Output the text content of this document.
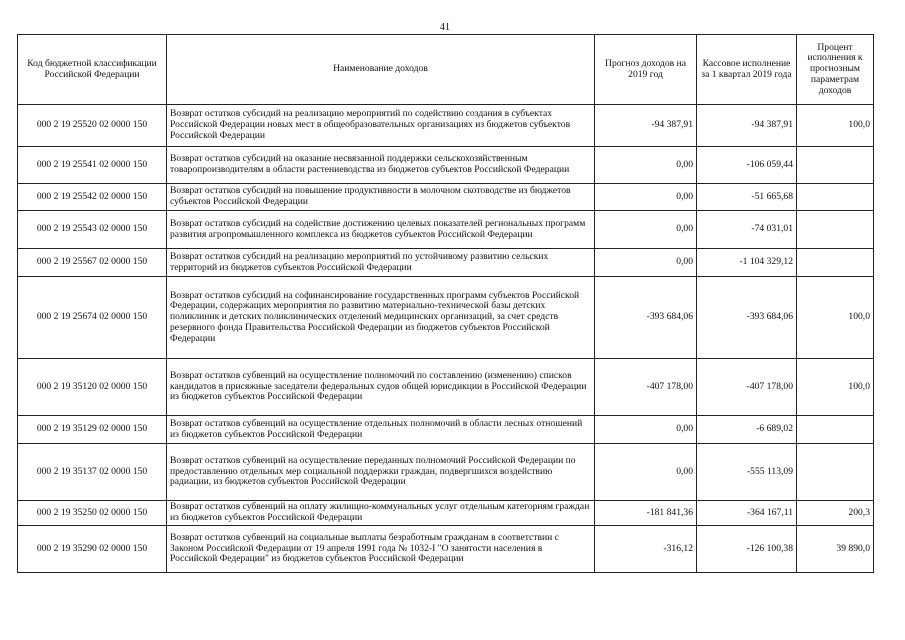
41
Код бюджетной классификации Российской Федерации	Наименование доходов	Прогноз доходов на 2019 год	Кассовое исполнение за 1 квартал 2019 года	Процент исполнения к прогнозным параметрам доходов
000 2 19 25520 02 0000 150	Возврат остатков субсидий на реализацию мероприятий по содействию создания в субъектах Российской Федерации новых мест в общеобразовательных организациях из бюджетов субъектов Российской Федерации	-94 387,91	-94 387,91	100,0
000 2 19 25541 02 0000 150	Возврат остатков субсидий на оказание несвязанной поддержки сельскохозяйственным товаропроизводителям в области растениеводства из бюджетов субъектов Российской Федерации	0,00	-106 059,44	
000 2 19 25542 02 0000 150	Возврат остатков субсидий на повышение продуктивности в молочном скотоводстве из бюджетов субъектов Российской Федерации	0,00	-51 665,68	
000 2 19 25543 02 0000 150	Возврат остатков субсидий на содействие достижению целевых показателей региональных программ развития агропромышленного комплекса из бюджетов субъектов Российской Федерации	0,00	-74 031,01	
000 2 19 25567 02 0000 150	Возврат остатков субсидий на реализацию мероприятий по устойчивому развитию сельских территорий из бюджетов субъектов Российской Федерации	0,00	-1 104 329,12	
000 2 19 25674 02 0000 150	Возврат остатков субсидий на софинансирование государственных программ субъектов Российской Федерации, содержащих мероприятия по развитию материально-технической базы детских поликлиник и детских поликлинических отделений медицинских организаций, за счет средств резервного фонда Правительства Российской Федерации из бюджетов субъектов Российской Федерации	-393 684,06	-393 684,06	100,0
000 2 19 35120 02 0000 150	Возврат остатков субвенций на осуществление полномочий по составлению (изменению) списков кандидатов в присяжные заседатели федеральных судов общей юрисдикции в Российской Федерации из бюджетов субъектов Российской Федерации	-407 178,00	-407 178,00	100,0
000 2 19 35129 02 0000 150	Возврат остатков субвенций на осуществление отдельных полномочий в области лесных отношений из бюджетов субъектов Российской Федерации	0,00	-6 689,02	
000 2 19 35137 02 0000 150	Возврат остатков субвенций на осуществление переданных полномочий Российской Федерации по предоставлению отдельных мер социальной поддержки граждан, подвергшихся воздействию радиации, из бюджетов субъектов Российской Федерации	0,00	-555 113,09	
000 2 19 35250 02 0000 150	Возврат остатков субвенций на оплату жилищно-коммунальных услуг отдельным категориям граждан из бюджетов субъектов Российской Федерации	-181 841,36	-364 167,11	200,3
000 2 19 35290 02 0000 150	Возврат остатков субвенций на социальные выплаты безработным гражданам в соответствии с Законом Российской Федерации от 19 апреля 1991 года № 1032-I "О занятости населения в Российской Федерации" из бюджетов субъектов Российской Федерации	-316,12	-126 100,38	39 890,0
